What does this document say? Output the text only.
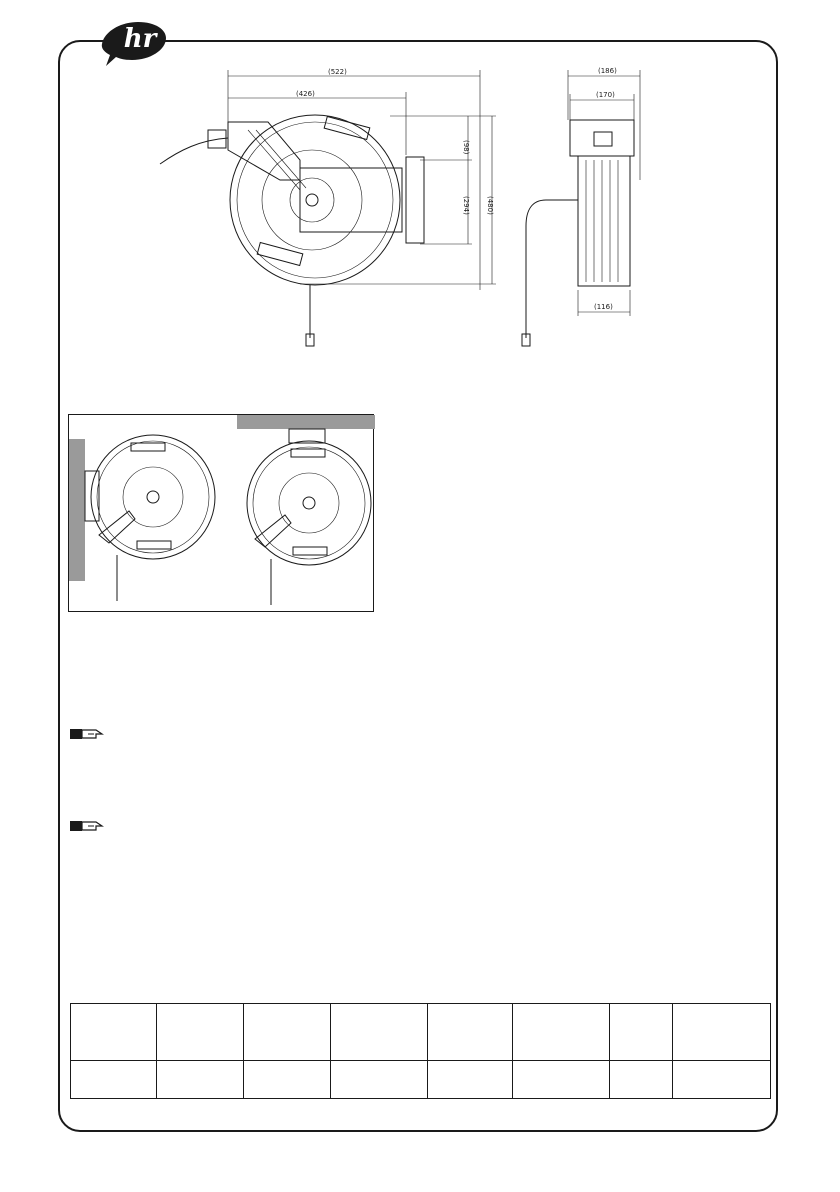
hr
(522)
(426)
(98)
(294) (480)
(186)
(170)
(116)
